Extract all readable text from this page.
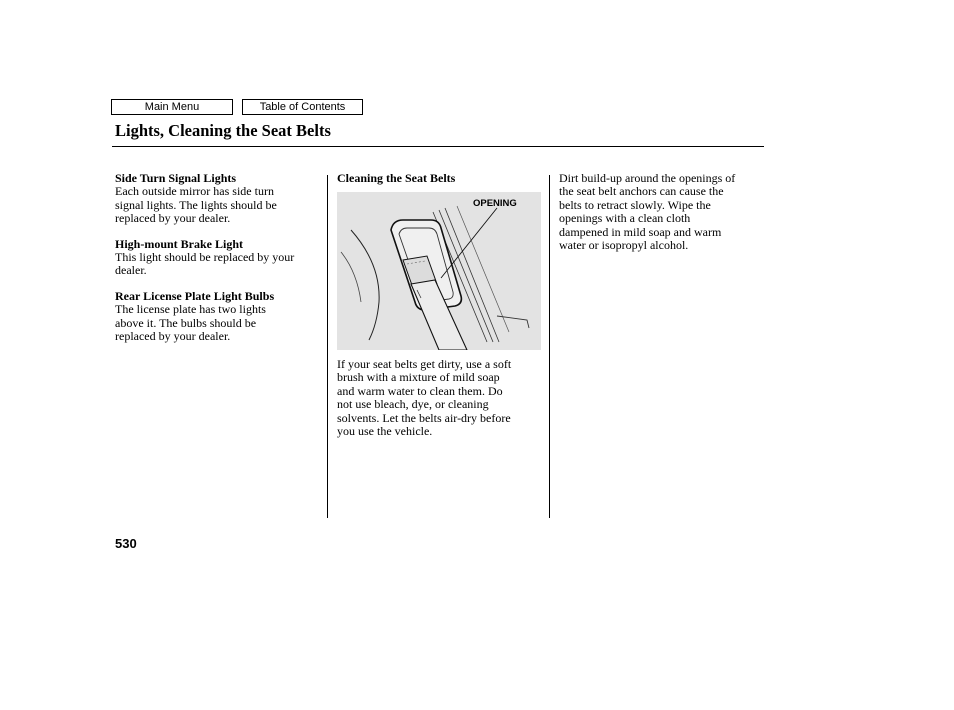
Main Menu	Table of Contents
Lights, Cleaning the Seat Belts
Side Turn Signal Lights
Each outside mirror has side turn
signal lights. The lights should be
replaced by your dealer.
High-mount Brake Light
This light should be replaced by your
dealer.
Rear License Plate Light Bulbs
The license plate has two lights
above it. The bulbs should be
replaced by your dealer.
Cleaning the Seat Belts
OPENING
If your seat belts get dirty, use a soft
brush with a mixture of mild soap
and warm water to clean them. Do
not use bleach, dye, or cleaning
solvents. Let the belts air-dry before
you use the vehicle.
Dirt build-up around the openings of
the seat belt anchors can cause the
belts to retract slowly. Wipe the
openings with a clean cloth
dampened in mild soap and warm
water or isopropyl alcohol.
530
